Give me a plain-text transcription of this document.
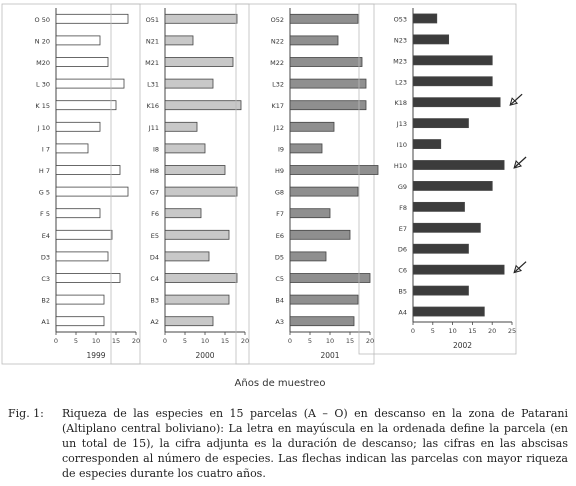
O 50
N 20
M20
L 30
K 15
J 10
I 7
H 7
G 5
F 5
E4
D3
C3
B2
A1
0 5 10 15 20
1999
O51
N21
M21
L31
K16
J11
I8
H8
G7
F6
E5
D4
C4
B3
A2
0 5 10 15 20
2000
O52
N22
M22
L32
K17
J12
I9
H9
G8
F7
E6
D5
C5
B4
A3
0 5 10 15 20
2001
O53
N23
M23
L23
K18
J13
I10
H10
G9
F8
E7
D6
C6
B5
A4
0 5 10 15 20 25
2002
Años de muestreo
Fig. 1:	Riqueza de las especies en 15 parcelas (A – O) en descanso en la zona de Patarani (Altiplano central boliviano): La letra en mayúscula en la ordenada define la parcela (en un total de 15), la cifra adjunta es la duración de descanso; las cifras en las abscisas corresponden al número de especies. Las flechas indican las parcelas con mayor riqueza de especies durante los cuatro años.
